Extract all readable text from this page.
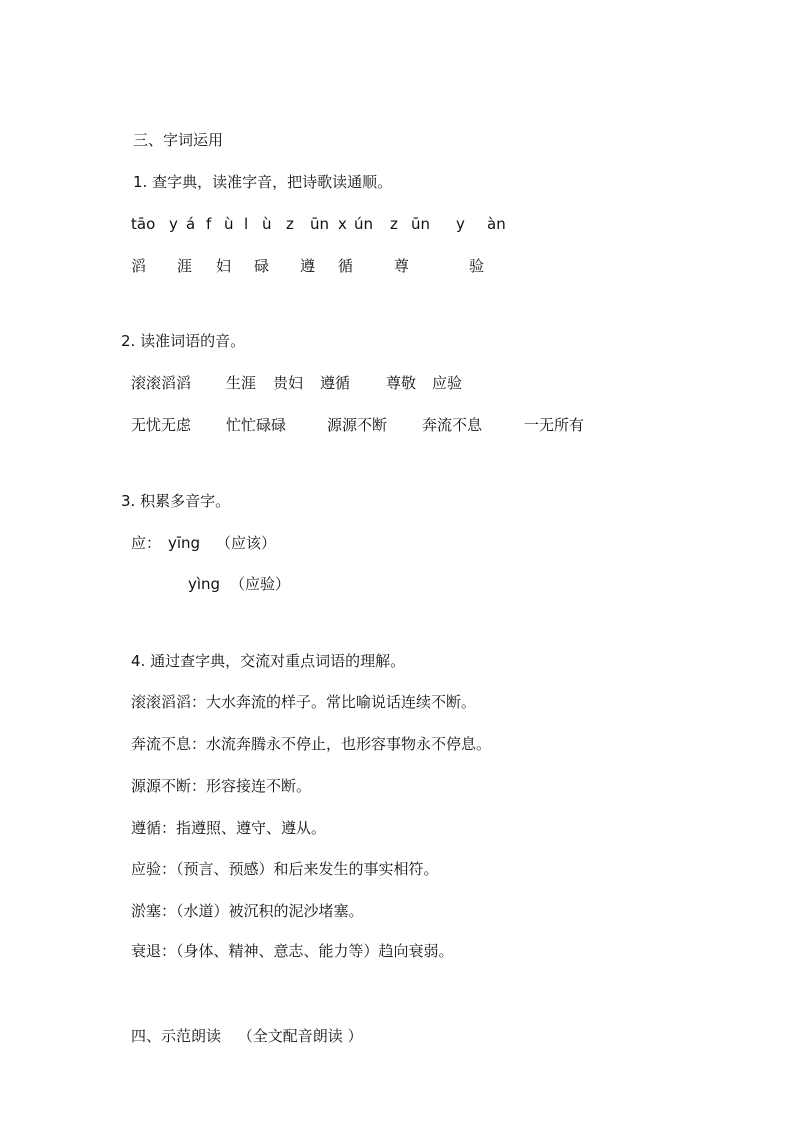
三、字词运用
1. 查字典，读准字音，把诗歌读通顺。
tāo y á f ù l ù z ūn x ún z ūn y àn
滔 涯 妇 碌 遵 循	尊	验
2. 读准词语的音。
滚滚滔滔 生涯 贵妇 遵循 尊敬 应验
无忧无虑 忙忙碌碌	源源不断 奔流不息	一无所有
3. 积累多音字。
应： yīng （应该）
yìng （应验）
4. 通过查字典，交流对重点词语的理解。
滚滚滔滔：大水奔流的样子。常比喻说话连续不断。
奔流不息：水流奔腾永不停止，也形容事物永不停息。
源源不断：形容接连不断。
遵循：指遵照、遵守、遵从。
应验：（预言、预感）和后来发生的事实相符。
淤塞：（水道）被沉积的泥沙堵塞。
衰退：（身体、精神、意志、能力等）趋向衰弱。
四、示范朗读 （全文配音朗读 ）
